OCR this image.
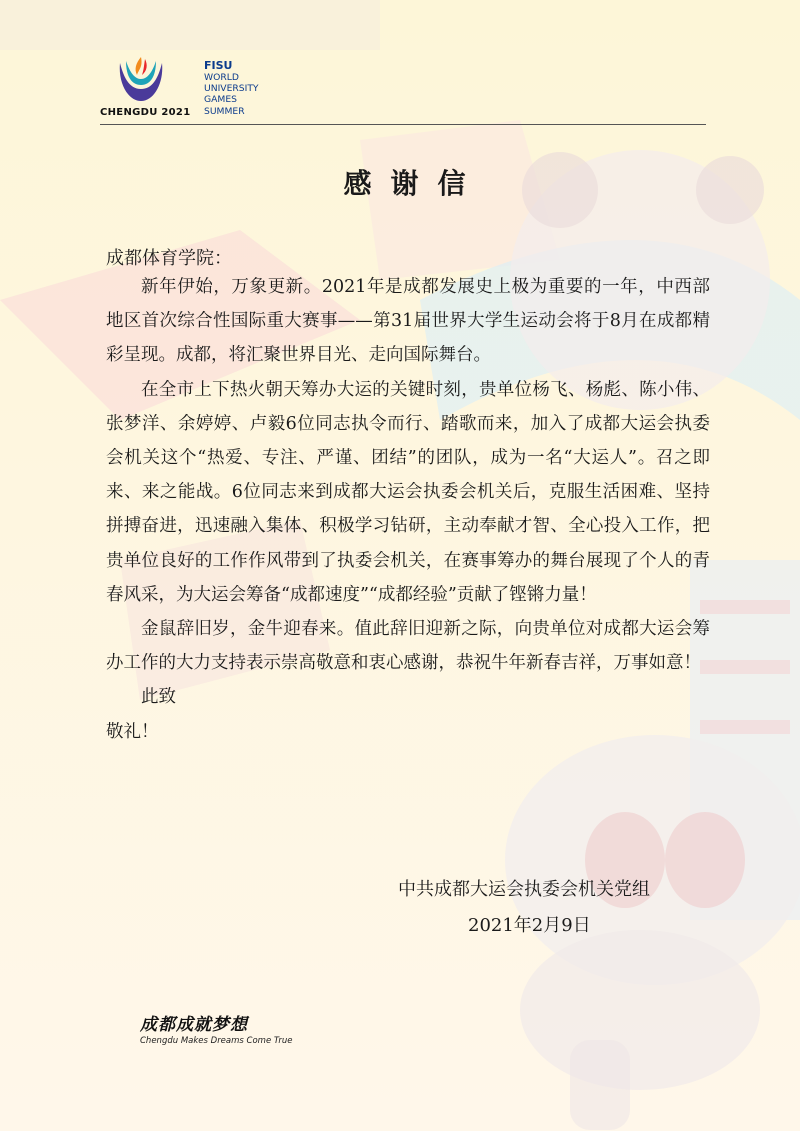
CHENGDU 2021
FISU
WORLD
UNIVERSITY
GAMES
SUMMER
感谢信
成都体育学院：

新年伊始，万象更新。2021年是成都发展史上极为重要的一年，中西部地区首次综合性国际重大赛事——第31届世界大学生运动会将于8月在成都精彩呈现。成都，将汇聚世界目光、走向国际舞台。

在全市上下热火朝天筹办大运的关键时刻，贵单位杨飞、杨彪、陈小伟、张梦洋、余婷婷、卢毅6位同志执令而行、踏歌而来，加入了成都大运会执委会机关这个“热爱、专注、严谨、团结”的团队，成为一名“大运人”。召之即来、来之能战。6位同志来到成都大运会执委会机关后，克服生活困难、坚持拼搏奋进，迅速融入集体、积极学习钻研，主动奉献才智、全心投入工作，把贵单位良好的工作作风带到了执委会机关，在赛事筹办的舞台展现了个人的青春风采，为大运会筹备“成都速度”“成都经验”贡献了铿锵力量！

金鼠辞旧岁，金牛迎春来。值此辞旧迎新之际，向贵单位对成都大运会筹办工作的大力支持表示崇高敬意和衷心感谢，恭祝牛年新春吉祥，万事如意！

此致

敬礼！

中共成都大运会执委会机关党组
2021年2月9日
成都成就梦想
Chengdu Makes Dreams Come True
